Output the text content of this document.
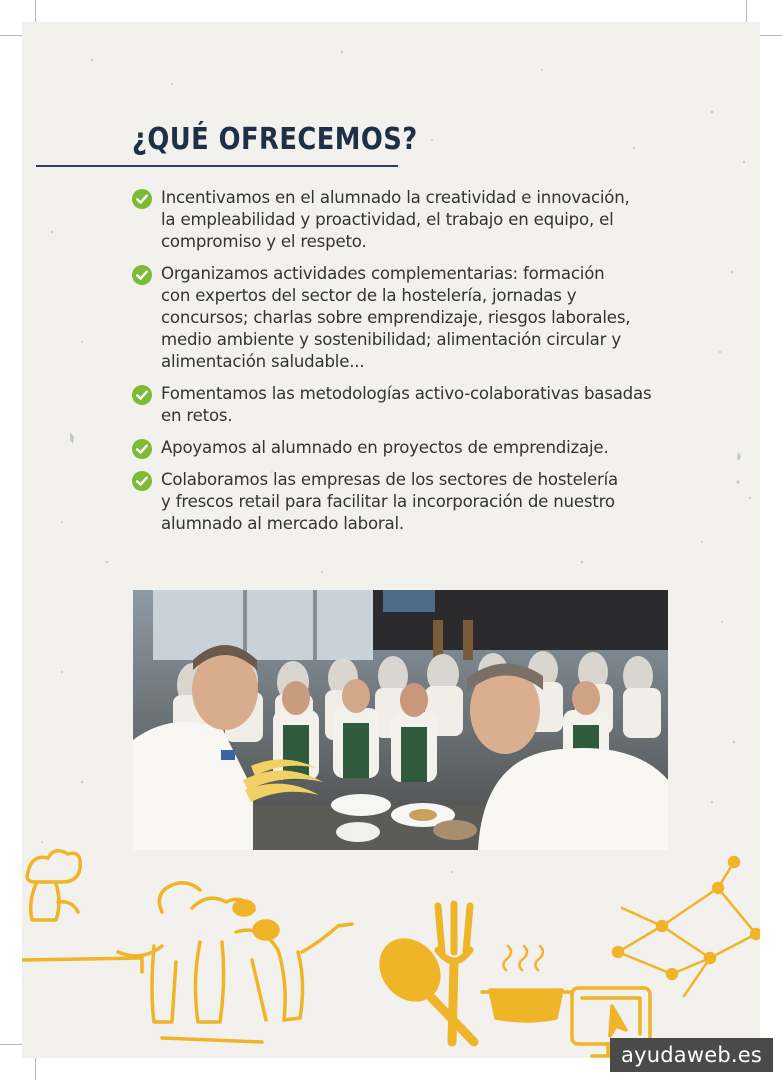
¿QUÉ OFRECEMOS?
Incentivamos en el alumnado la creatividad e innovación,
la empleabilidad y proactividad, el trabajo en equipo, el
compromiso y el respeto.
Organizamos actividades complementarias: formación
con expertos del sector de la hostelería, jornadas y
concursos; charlas sobre emprendizaje, riesgos laborales,
medio ambiente y sostenibilidad; alimentación circular y
alimentación saludable...
Fomentamos las metodologías activo-colaborativas basadas
en retos.
Apoyamos al alumnado en proyectos de emprendizaje.
Colaboramos las empresas de los sectores de hostelería
y frescos retail para facilitar la incorporación de nuestro
alumnado al mercado laboral.
ayudaweb.es
